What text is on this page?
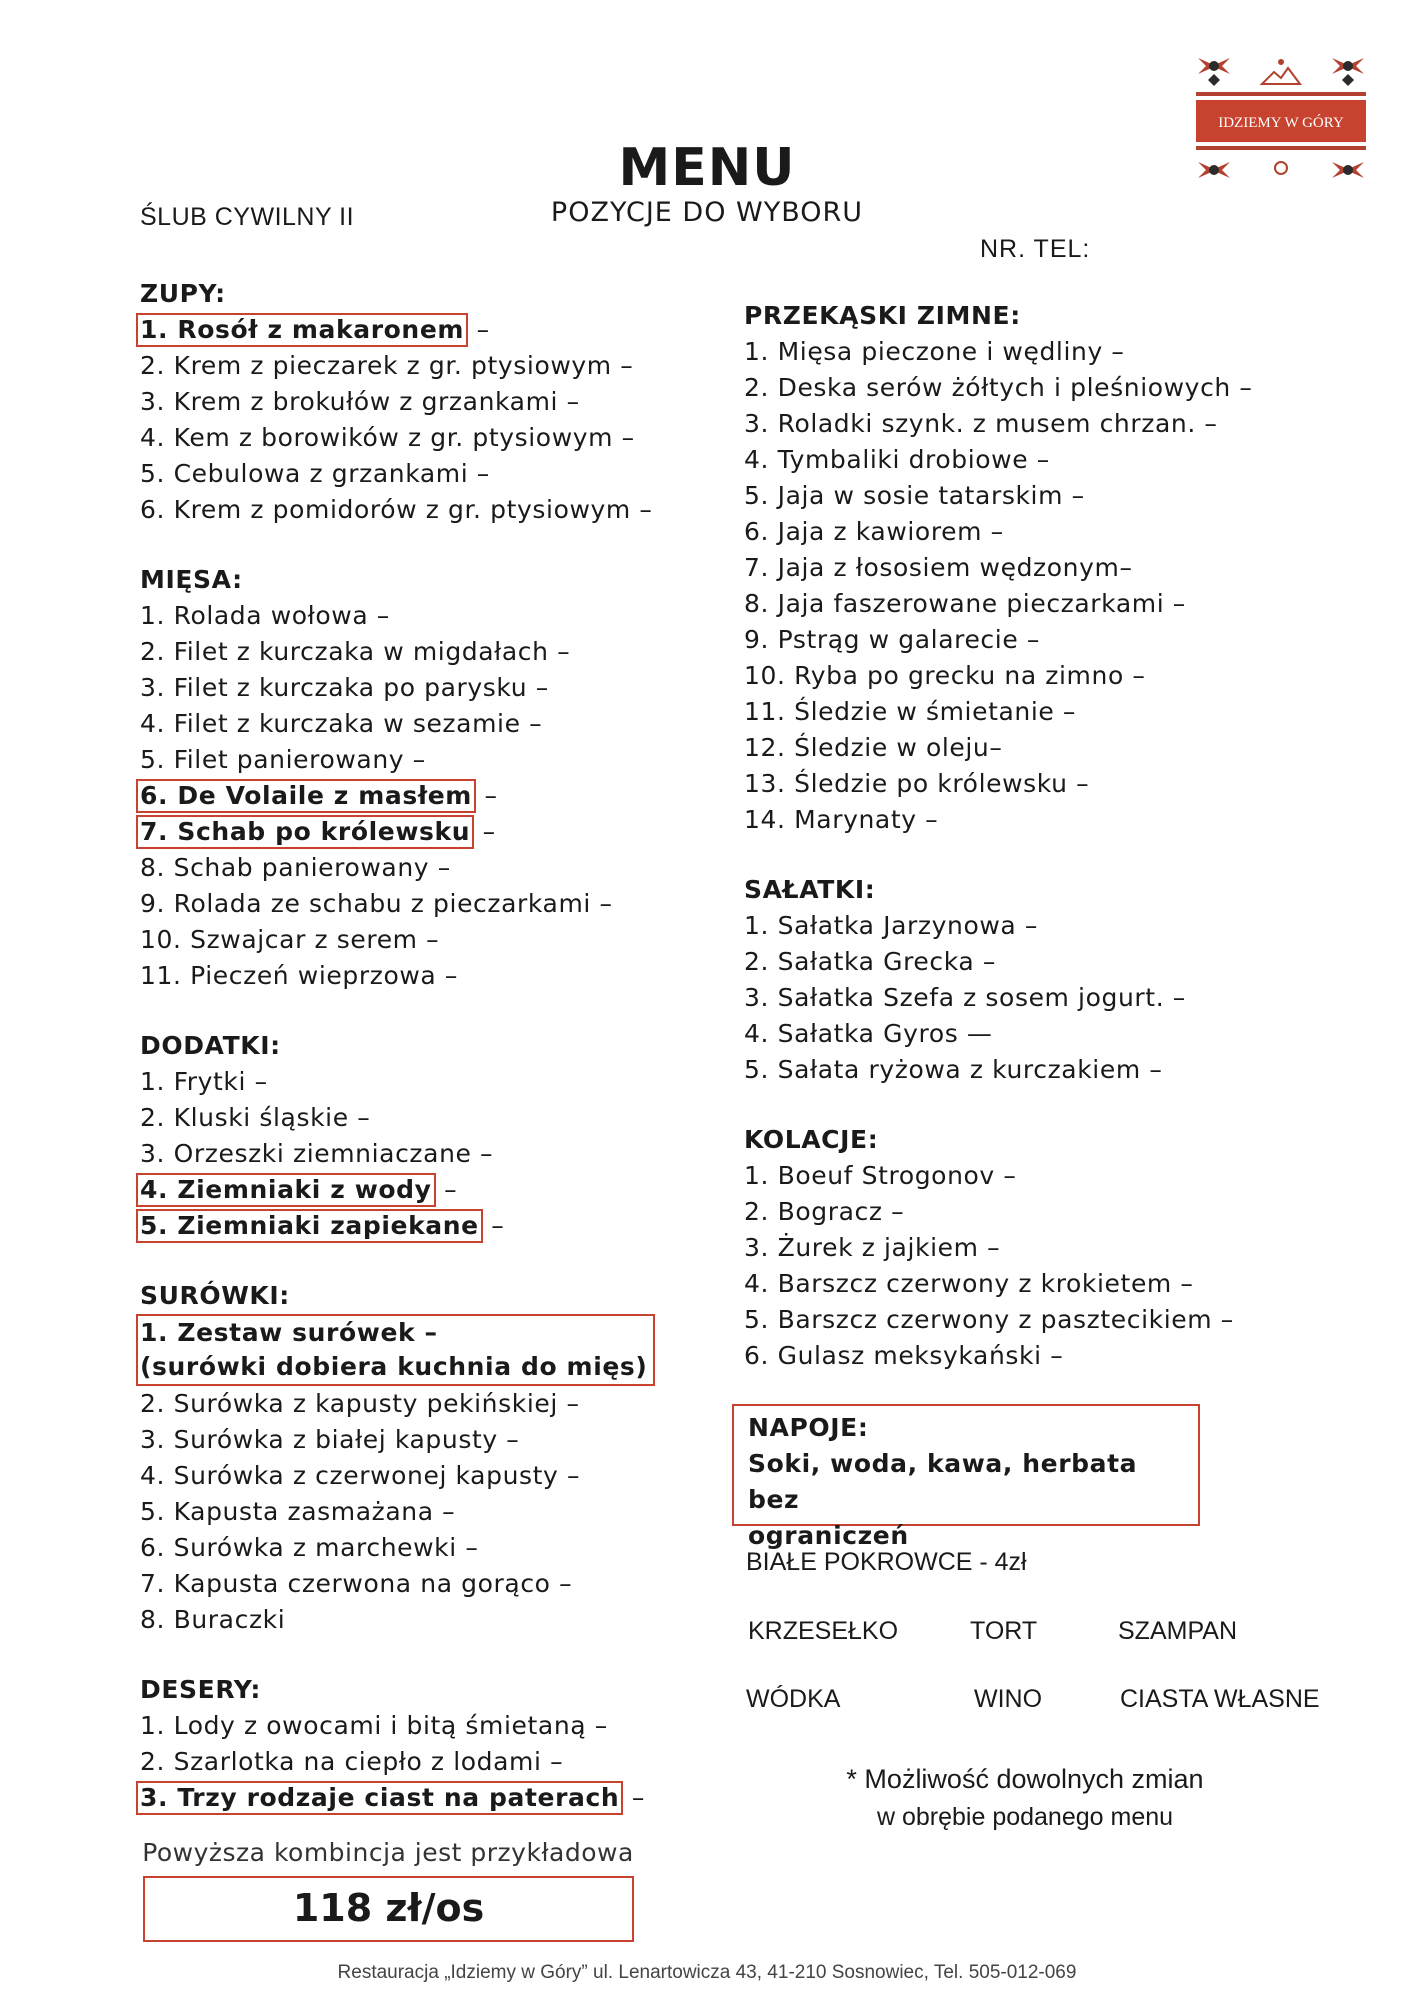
IDZIEMY W GÓRY
MENU
POZYCJE DO WYBORU
ŚLUB CYWILNY II
NR. TEL:
ZUPY:
1. Rosół z makaronem –
2. Krem z pieczarek z gr. ptysiowym –
3. Krem z brokułów z grzankami –
4. Kem z borowików z gr. ptysiowym –
5. Cebulowa z grzankami –
6. Krem z pomidorów z gr. ptysiowym –
MIĘSA:
1. Rolada wołowa –
2. Filet z kurczaka w migdałach –
3. Filet z kurczaka po parysku –
4. Filet z kurczaka w sezamie –
5. Filet panierowany –
6. De Volaile z masłem –
7. Schab po królewsku –
8. Schab panierowany –
9. Rolada ze schabu z pieczarkami –
10. Szwajcar z serem –
11. Pieczeń wieprzowa –
DODATKI:
1. Frytki –
2. Kluski śląskie –
3. Orzeszki ziemniaczane –
4. Ziemniaki z wody –
5. Ziemniaki zapiekane –
SURÓWKI:
1. Zestaw surówek –
(surówki dobiera kuchnia do mięs)
2. Surówka z kapusty pekińskiej –
3. Surówka z białej kapusty –
4. Surówka z czerwonej kapusty –
5. Kapusta zasmażana –
6. Surówka z marchewki –
7. Kapusta czerwona na gorąco –
8. Buraczki
DESERY:
1. Lody z owocami i bitą śmietaną –
2. Szarlotka na ciepło z lodami –
3. Trzy rodzaje ciast na paterach –
Powyższa kombincja jest przykładowa
118 zł/os
PRZEKĄSKI ZIMNE:
1. Mięsa pieczone i wędliny –
2. Deska serów żółtych i pleśniowych –
3. Roladki szynk. z musem chrzan. –
4. Tymbaliki drobiowe –
5. Jaja w sosie tatarskim –
6. Jaja z kawiorem –
7. Jaja z łososiem wędzonym–
8. Jaja faszerowane pieczarkami –
9. Pstrąg w galarecie –
10. Ryba po grecku na zimno –
11. Śledzie w śmietanie –
12. Śledzie w oleju–
13. Śledzie po królewsku –
14. Marynaty –
SAŁATKI:
1. Sałatka Jarzynowa –
2. Sałatka Grecka –
3. Sałatka Szefa z sosem jogurt. –
4. Sałatka Gyros —
5. Sałata ryżowa z kurczakiem –
KOLACJE:
1. Boeuf Strogonov –
2. Bogracz –
3. Żurek z jajkiem –
4. Barszcz czerwony z krokietem –
5. Barszcz czerwony z pasztecikiem –
6. Gulasz meksykański –
NAPOJE:
Soki, woda, kawa, herbata bez
ograniczeń
BIAŁE POKROWCE - 4zł
KRZESEŁKO	TORT	SZAMPAN
WÓDKA	WINO	CIASTA WŁASNE
* Możliwość dowolnych zmian
w obrębie podanego menu
Restauracja „Idziemy w Góry” ul. Lenartowicza 43, 41-210 Sosnowiec, Tel. 505-012-069
